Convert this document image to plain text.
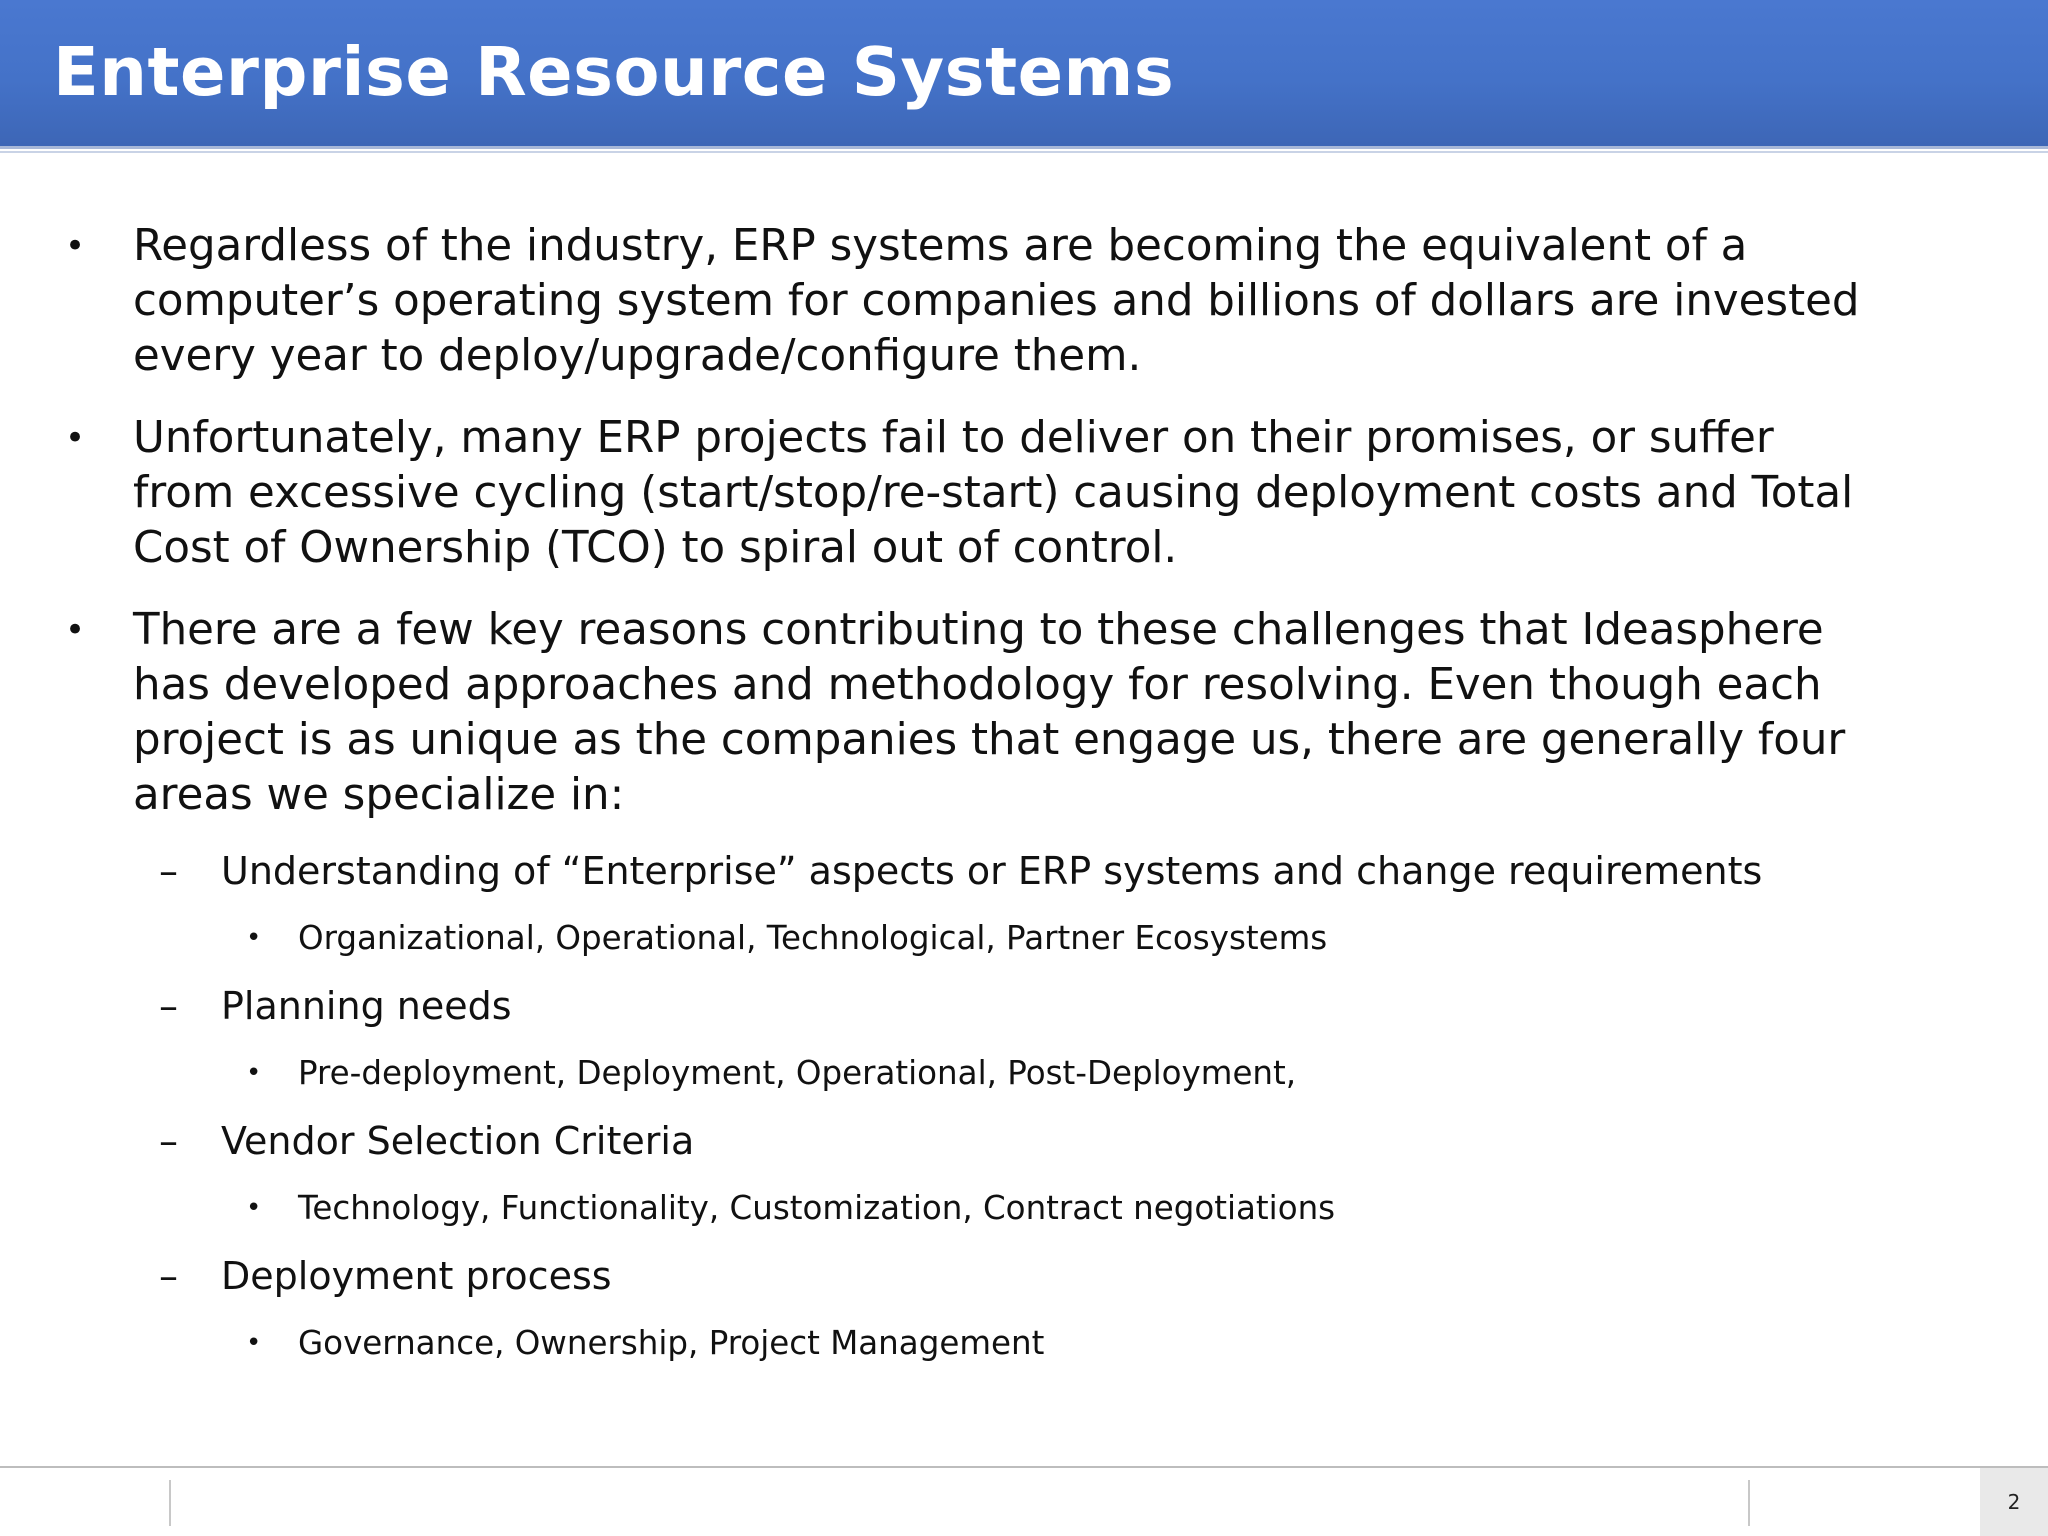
Enterprise Resource Systems
• Regardless of the industry, ERP systems are becoming the equivalent of a
computer’s operating system for companies and billions of dollars are invested
every year to deploy/upgrade/configure them.
• Unfortunately, many ERP projects fail to deliver on their promises, or suffer
from excessive cycling (start/stop/re-start) causing deployment costs and Total
Cost of Ownership (TCO) to spiral out of control.
• There are a few key reasons contributing to these challenges that Ideasphere
has developed approaches and methodology for resolving. Even though each
project is as unique as the companies that engage us, there are generally four
areas we specialize in:
– Understanding of “Enterprise” aspects or ERP systems and change requirements
• Organizational, Operational, Technological, Partner Ecosystems
– Planning needs
• Pre-deployment, Deployment, Operational, Post-Deployment,
– Vendor Selection Criteria
• Technology, Functionality, Customization, Contract negotiations
– Deployment process
• Governance, Ownership, Project Management
2
